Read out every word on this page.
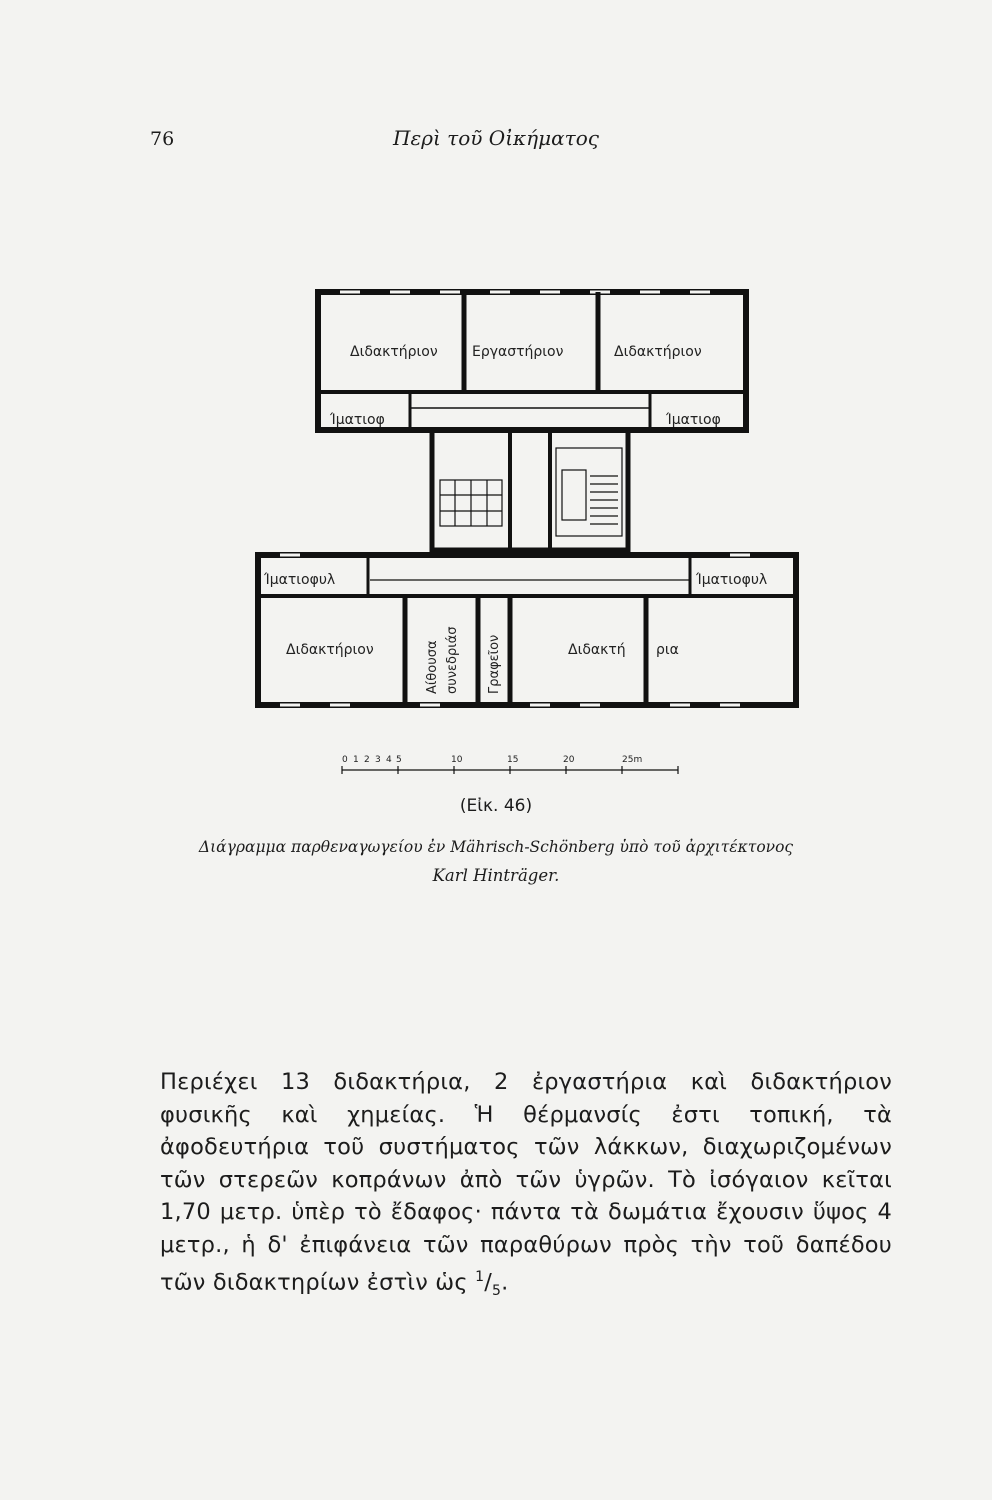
76	Περὶ τοῦ Οἰκήματος
Διδακτήριον Εργαστήριον	Διδακτήριον
Ίματιοφ	Ίματιοφ
Ίματιοφυλ	Ίματιοφυλ
Διδακτήριον	Αίθουσα συνεδριάσ Γραφεῖον	Διδακτή ρια
0 1 2 3 4 5	10	15	20	25m
(Εἰκ. 46)
Διάγραμμα παρθεναγωγείου ἐν Mährisch-Schönberg ὑπὸ τοῦ ἀρχιτέκτονος
Karl Hinträger.

Περιέχει 13 διδακτήρια, 2 ἐργαστήρια καὶ διδακτήριον φυσικῆς καὶ χημείας. Ἡ θέρμανσίς ἐστι τοπική, τὰ ἀφοδευτήρια τοῦ συστήματος τῶν λάκκων, διαχωριζομένων τῶν στερεῶν κοπράνων ἀπὸ τῶν ὑγρῶν. Τὸ ἰσόγαιον κεῖται 1,70 μετρ. ὑπὲρ τὸ ἔδαφος· πάντα τὰ δωμάτια ἔχουσιν ὕψος 4 μετρ., ἡ δ' ἐπιφάνεια τῶν παραθύρων πρὸς τὴν τοῦ δαπέδου τῶν διδακτηρίων ἐστὶν ὡς $^1/_5$.
